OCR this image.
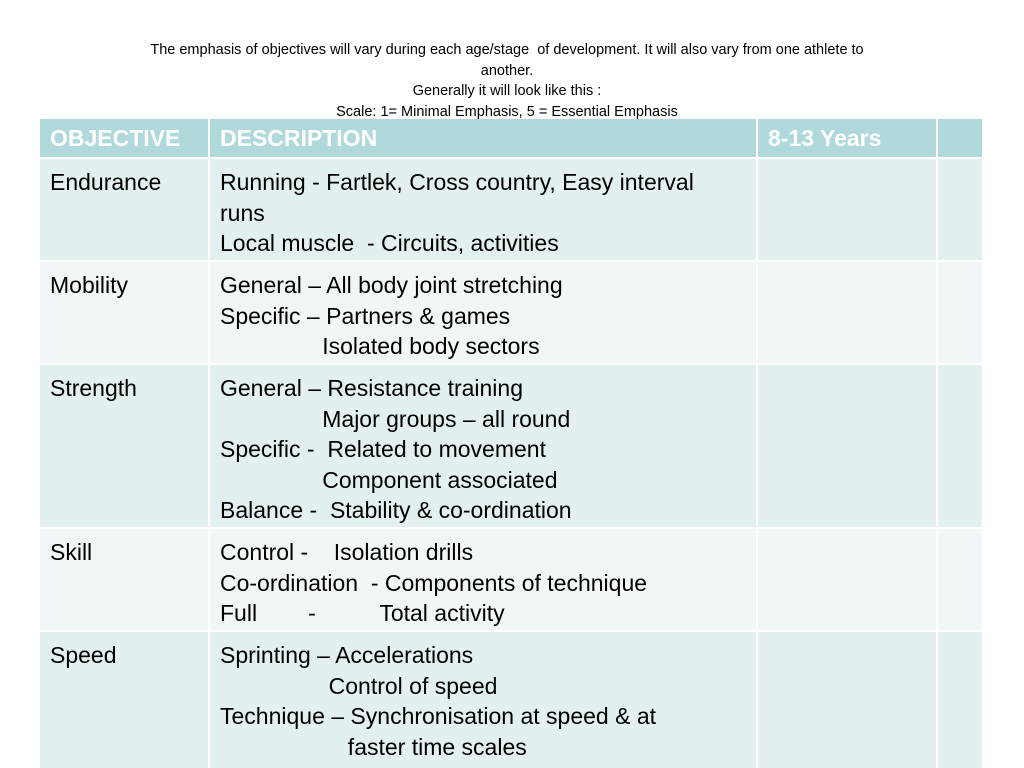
The emphasis of objectives will vary during each age/stage  of development. It will also vary from one athlete to
another.
Generally it will look like this :
Scale: 1= Minimal Emphasis, 5 = Essential Emphasis
OBJECTIVE	DESCRIPTION	8-13 Years
Endurance	Running - Fartlek, Cross country, Easy interval
runs
Local muscle  - Circuits, activities
Mobility	General – All body joint stretching
Specific – Partners & games
Isolated body sectors
Strength	General – Resistance training
Major groups – all round
Specific -  Related to movement
Component associated
Balance -  Stability & co-ordination
Skill	Control -    Isolation drills
Co-ordination  - Components of technique
Full        -          Total activity
Speed	Sprinting – Accelerations
Control of speed
Technique – Synchronisation at speed & at
faster time scales
